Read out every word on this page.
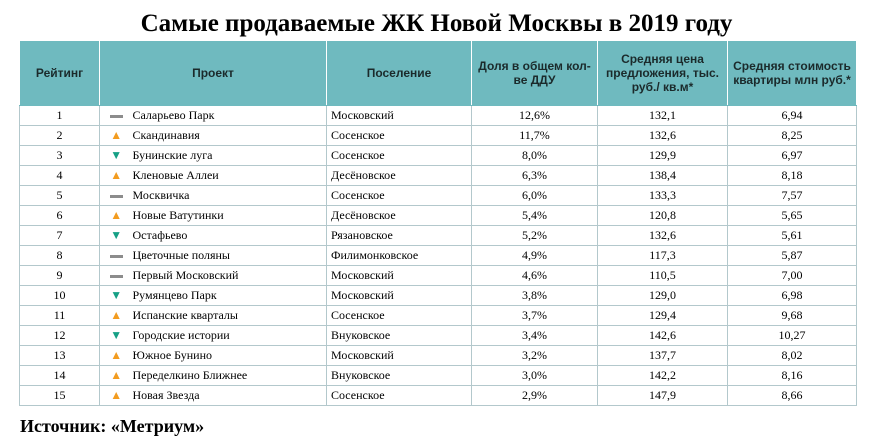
Самые продаваемые ЖК Новой Москвы в 2019 году
Рейтинг	Проект		Поселение	Доля в общем кол-ве ДДУ	Средняя цена предложения, тыс. руб./ кв.м*	Средняя стоимость квартиры млн руб.*
1		Саларьево Парк	Московский	12,6%	132,1	6,94
2	▲	Скандинавия	Сосенское	11,7%	132,6	8,25
3	▼	Бунинские луга	Сосенское	8,0%	129,9	6,97
4	▲	Кленовые Аллеи	Десёновское	6,3%	138,4	8,18
5		Москвичка	Сосенское	6,0%	133,3	7,57
6	▲	Новые Ватутинки	Десёновское	5,4%	120,8	5,65
7	▼	Остафьево	Рязановское	5,2%	132,6	5,61
8		Цветочные поляны	Филимонковское	4,9%	117,3	5,87
9		Первый Московский	Московский	4,6%	110,5	7,00
10	▼	Румянцево Парк	Московский	3,8%	129,0	6,98
11	▲	Испанские кварталы	Сосенское	3,7%	129,4	9,68
12	▼	Городские истории	Внуковское	3,4%	142,6	10,27
13	▲	Южное Бунино	Московский	3,2%	137,7	8,02
14	▲	Переделкино Ближнее	Внуковское	3,0%	142,2	8,16
15	▲	Новая Звезда	Сосенское	2,9%	147,9	8,66
Источник: «Метриум»
